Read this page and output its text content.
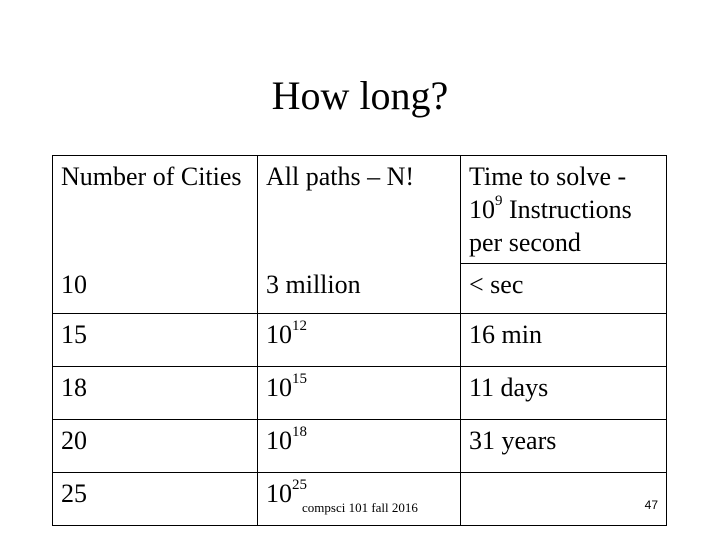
How long?
Number of Cities	All paths – N!	Time to solve -
$10^9$ Instructions
per second
10	3 million	< sec
15	$10^{12}$	16 min
18	$10^{15}$	11 days
20	$10^{18}$	31 years
25	$10^{25}$	
compsci 101 fall 2016	47
